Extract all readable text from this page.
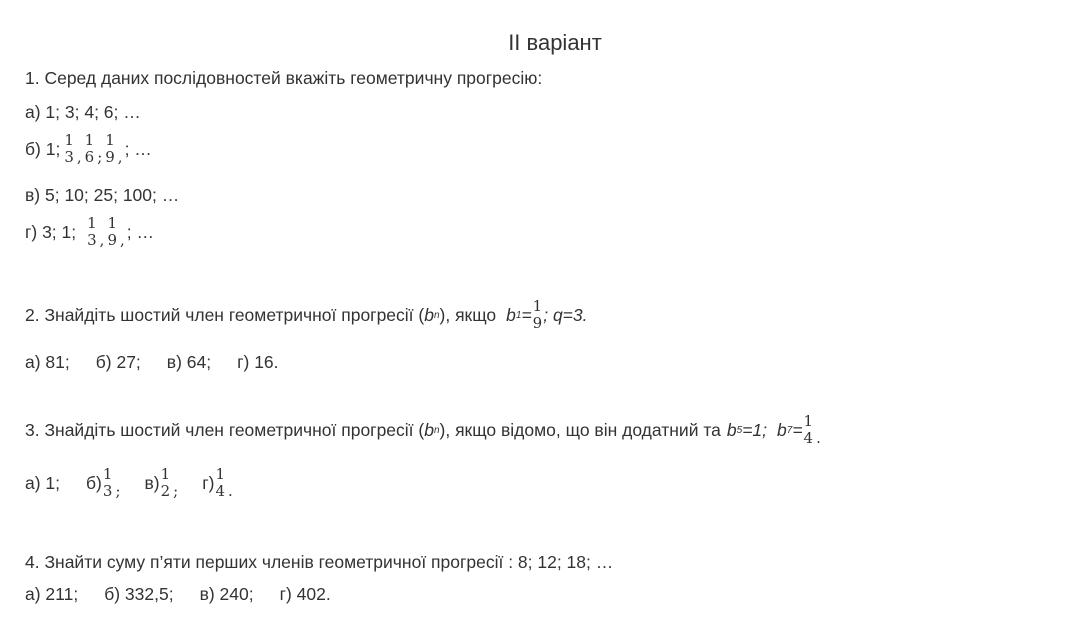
II варіант
1. Серед даних послідовностей вкажіть геометричну прогресію:
а) 1; 3; 4; 6; …
б) 1; 1
3 ,
1
6 ;
1
9 , ; …
в) 5; 10; 25; 100; …
г) 3; 1; 1
3 ,
1
9 , ; …
2. Знайдіть шостий член геометричної прогресії ( b n ), якщо b 1 = 1
9 ; q=3.
а) 81; б) 27; в) 64; г) 16.
3. Знайдіть шостий член геометричної прогресії ( b n ), якщо відомо, що він додатний та b 5 =1; b 7 = 1
4 .
а) 1; б) 1
3 ; в) 1
2 ; г) 1
4 .
4. Знайти суму п’яти перших членів геометричної прогресії : 8; 12; 18; …
а) 211; б) 332,5; в) 240; г) 402.
